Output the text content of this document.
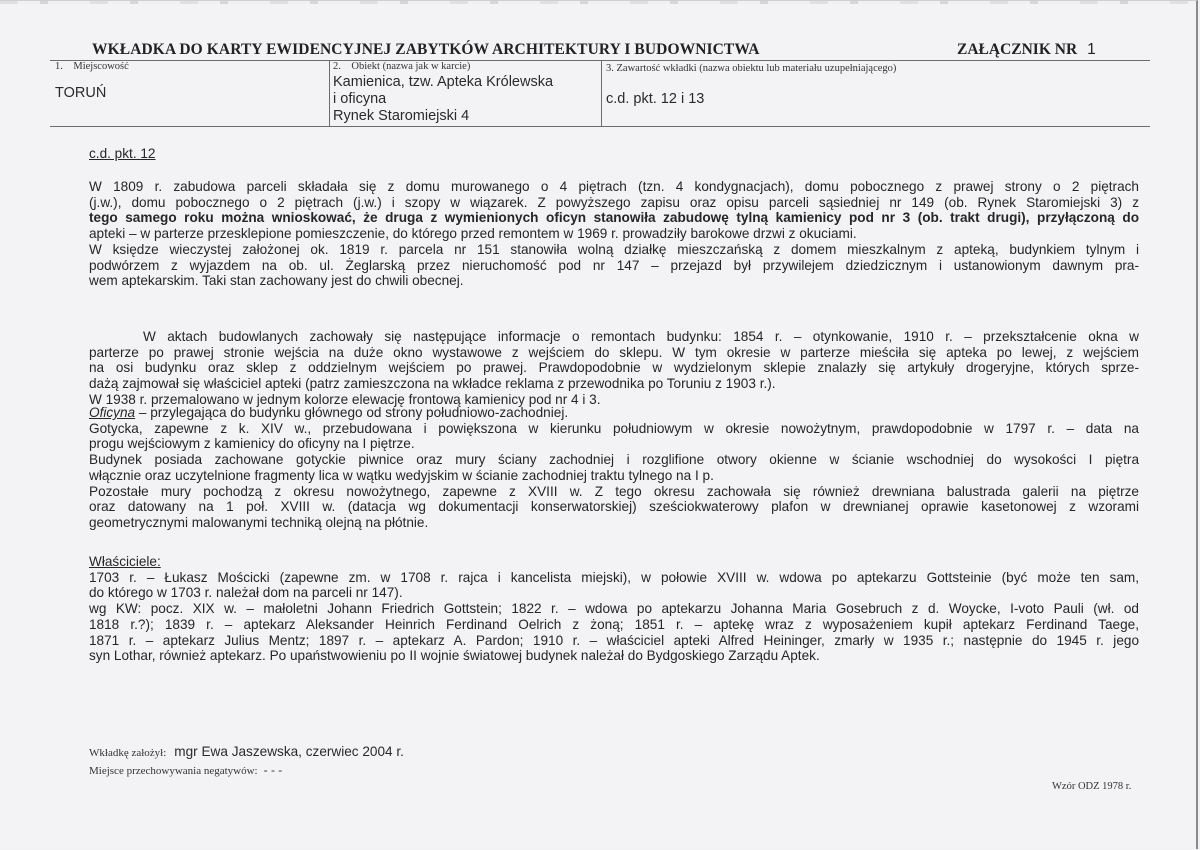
WKŁADKA DO KARTY EWIDENCYJNEJ ZABYTKÓW ARCHITEKTURY I BUDOWNICTWA	ZAŁĄCZNIK NR 1
1.    Miejscowość
TORUŃ
2.    Obiekt (nazwa jak w karcie)
Kamienica, tzw. Apteka Królewska
i oficyna
Rynek Staromiejski 4
3. Zawartość wkładki (nazwa obiektu lub materiału uzupełniającego)
c.d. pkt. 12 i 13
c.d. pkt. 12
W 1809 r. zabudowa parceli składała się z domu murowanego o 4 piętrach (tzn. 4 kondygnacjach), domu pobocznego z prawej strony o 2 piętrach
(j.w.), domu pobocznego o 2 piętrach (j.w.) i szopy w wiązarek. Z powyższego zapisu oraz opisu parceli sąsiedniej nr 149 (ob. Rynek Staromiejski 3) z
tego samego roku można wnioskować, że druga z wymienionych oficyn stanowiła zabudowę tylną kamienicy pod nr 3 (ob. trakt drugi), przyłączoną do
apteki – w parterze przesklepione pomieszczenie, do którego przed remontem w 1969 r. prowadziły barokowe drzwi z okuciami.
W księdze wieczystej założonej ok. 1819 r. parcela nr 151 stanowiła wolną działkę mieszczańską z domem mieszkalnym z apteką, budynkiem tylnym i
podwórzem z wyjazdem na ob. ul. Żeglarską przez nieruchomość pod nr 147 – przejazd był przywilejem dziedzicznym i ustanowionym dawnym pra-
wem aptekarskim. Taki stan zachowany jest do chwili obecnej.
W aktach budowlanych zachowały się następujące informacje o remontach budynku: 1854 r. – otynkowanie, 1910 r. – przekształcenie okna w
parterze po prawej stronie wejścia na duże okno wystawowe z wejściem do sklepu. W tym okresie w parterze mieściła się apteka po lewej, z wejściem
na osi budynku oraz sklep z oddzielnym wejściem po prawej. Prawdopodobnie w wydzielonym sklepie znalazły się artykuły drogeryjne, których sprze-
dażą zajmował się właściciel apteki (patrz zamieszczona na wkładce reklama z przewodnika po Toruniu z 1903 r.).
W 1938 r. przemalowano w jednym kolorze elewację frontową kamienicy pod nr 4 i 3.
Oficyna – przylegająca do budynku głównego od strony południowo-zachodniej.
Gotycka, zapewne z k. XIV w., przebudowana i powiększona w kierunku południowym w okresie nowożytnym, prawdopodobnie w 1797 r. – data na
progu wejściowym z kamienicy do oficyny na I piętrze.
Budynek posiada zachowane gotyckie piwnice oraz mury ściany zachodniej i rozglifione otwory okienne w ścianie wschodniej do wysokości I piętra
włącznie oraz uczytelnione fragmenty lica w wątku wedyjskim w ścianie zachodniej traktu tylnego na I p.
Pozostałe mury pochodzą z okresu nowożytnego, zapewne z XVIII w. Z tego okresu zachowała się również drewniana balustrada galerii na piętrze
oraz datowany na 1 poł. XVIII w. (datacja wg dokumentacji konserwatorskiej) sześciokwaterowy plafon w drewnianej oprawie kasetonowej z wzorami
geometrycznymi malowanymi techniką olejną na płótnie.
Właściciele:
1703 r. – Łukasz Mościcki (zapewne zm. w 1708 r. rajca i kancelista miejski), w połowie XVIII w. wdowa po aptekarzu Gottsteinie (być może ten sam,
do którego w 1703 r. należał dom na parceli nr 147).
wg KW: pocz. XIX w. – małoletni Johann Friedrich Gottstein; 1822 r. – wdowa po aptekarzu Johanna Maria Gosebruch z d. Woycke, I-voto Pauli (wł. od
1818 r.?); 1839 r. – aptekarz Aleksander Heinrich Ferdinand Oelrich z żoną; 1851 r. – aptekę wraz z wyposażeniem kupił aptekarz Ferdinand Taege,
1871 r. – aptekarz Julius Mentz; 1897 r. – aptekarz A. Pardon; 1910 r. – właściciel apteki Alfred Heininger, zmarły w 1935 r.; następnie do 1945 r. jego
syn Lothar, również aptekarz. Po upaństwowieniu po II wojnie światowej budynek należał do Bydgoskiego Zarządu Aptek.
Wkładkę założył: mgr Ewa Jaszewska, czerwiec 2004 r.
Miejsce przechowywania negatywów: - - -
Wzór ODZ 1978 r.
